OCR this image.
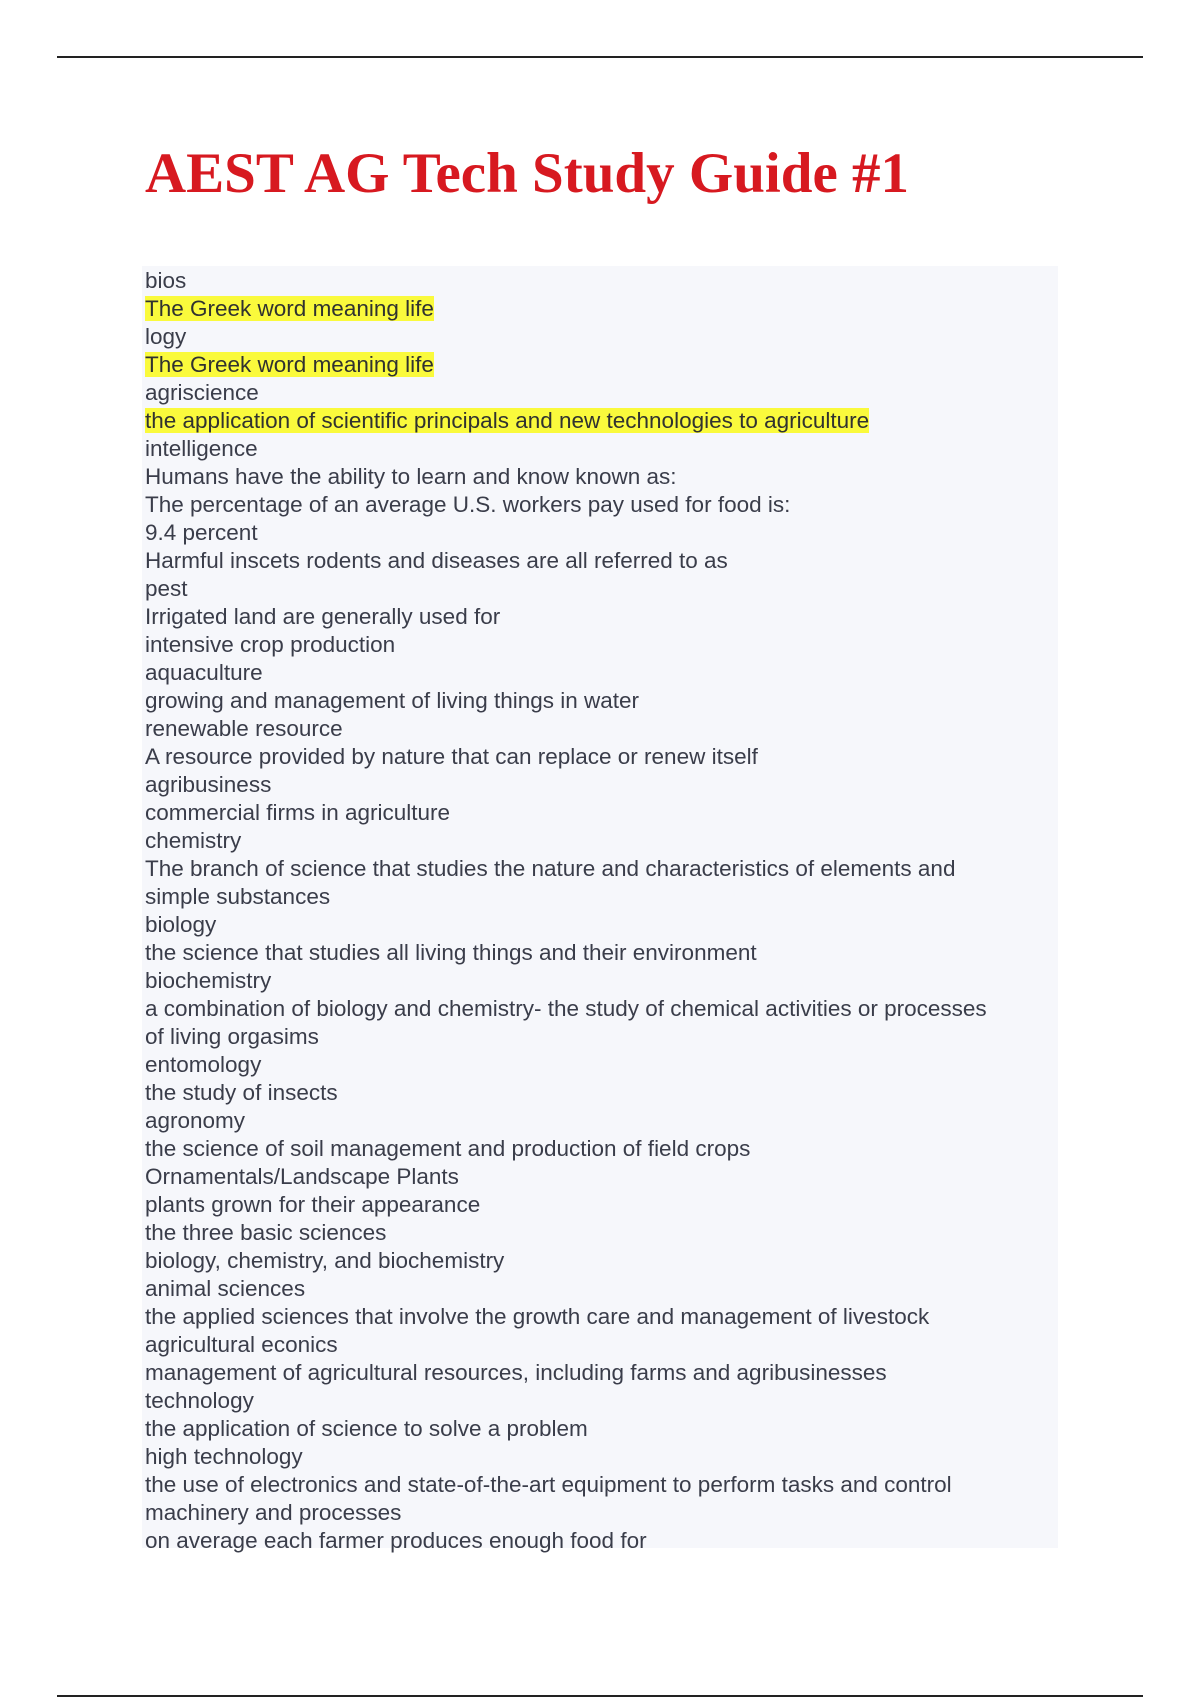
AEST AG Tech Study Guide #1
bios
The Greek word meaning life
logy
The Greek word meaning life
agriscience
the application of scientific principals and new technologies to agriculture
intelligence
Humans have the ability to learn and know known as:
The percentage of an average U.S. workers pay used for food is:
9.4 percent
Harmful inscets rodents and diseases are all referred to as
pest
Irrigated land are generally used for
intensive crop production
aquaculture
growing and management of living things in water
renewable resource
A resource provided by nature that can replace or renew itself
agribusiness
commercial firms in agriculture
chemistry
The branch of science that studies the nature and characteristics of elements and
simple substances
biology
the science that studies all living things and their environment
biochemistry
a combination of biology and chemistry- the study of chemical activities or processes
of living orgasims
entomology
the study of insects
agronomy
the science of soil management and production of field crops
Ornamentals/Landscape Plants
plants grown for their appearance
the three basic sciences
biology, chemistry, and biochemistry
animal sciences
the applied sciences that involve the growth care and management of livestock
agricultural econics
management of agricultural resources, including farms and agribusinesses
technology
the application of science to solve a problem
high technology
the use of electronics and state-of-the-art equipment to perform tasks and control
machinery and processes
on average each farmer produces enough food for
